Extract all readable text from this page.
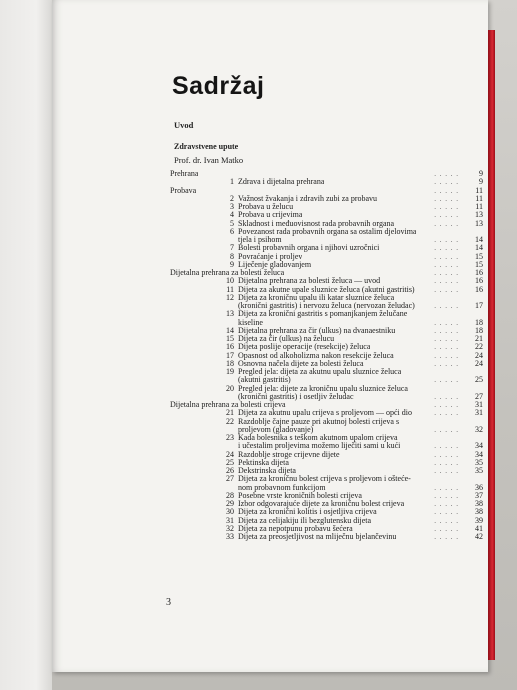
Sadržaj
Uvod
Zdravstvene upute
Prof. dr. Ivan Matko
Prehrana	. . . . .	9
1 Zdrava i dijetalna prehrana	. . . . .	9
Probava	. . . . .	11
2 Važnost žvakanja i zdravih zubi za probavu	. . . . .	11
3 Probava u želucu	. . . . .	11
4 Probava u crijevima	. . . . .	13
5 Skladnost i međuovisnost rada probavnih organa	. . . . .	13
6 Povezanost rada probavnih organa sa ostalim djelovima
tjela i psihom	. . . . .	14
7 Bolesti probavnih organa i njihovi uzročnici	. . . . .	14
8 Povraćanje i proljev	. . . . .	15
9 Liječenje gladovanjem	. . . . .	15
Dijetalna prehrana za bolesti želuca	. . . . .	16
10 Dijetalna prehrana za bolesti želuca — uvod	. . . . .	16
11 Dijeta za akutne upale sluznice želuca (akutni gastritis)	. . . . .	16
12 Dijeta za kroničnu upalu ili katar sluznice želuca
(kronični gastritis) i nervozu želuca (nervozan želudac)	. . . . .	17
13 Dijeta za kronični gastritis s pomanjkanjem želučane
kiseline	. . . . .	18
14 Dijetalna prehrana za čir (ulkus) na dvanaestniku	. . . . .	18
15 Dijeta za čir (ulkus) na želucu	. . . . .	21
16 Dijeta poslije operacije (resekcije) želuca	. . . . .	22
17 Opasnost od alkoholizma nakon resekcije želuca	. . . . .	24
18 Osnovna načela dijete za bolesti želuca	. . . . .	24
19 Pregled jela: dijeta za akutnu upalu sluznice želuca
(akutni gastritis)	. . . . .	25
20 Pregled jela: dijete za kroničnu upalu sluznice želuca
(kronični gastritis) i osetljiv želudac	. . . . .	27
Dijetalna prehrana za bolesti crijeva	. . . . .	31
21 Dijeta za akutnu upalu crijeva s proljevom — opći dio	. . . . .	31
22 Razdoblje čajne pauze pri akutnoj bolesti crijeva s
proljevom (gladovanje)	. . . . .	32
23 Kada bolesnika s teškom akutnom upalom crijeva
i učestalim proljevima možemo liječiti sami u kući	. . . . .	34
24 Razdoblje stroge crijevne dijete	. . . . .	34
25 Pektinska dijeta	. . . . .	35
26 Dekstrinska dijeta	. . . . .	35
27 Dijeta za kroničnu bolest crijeva s proljevom i ošteće-
nom probavnom funkcijom	. . . . .	36
28 Posebne vrste kroničnih bolesti crijeva	. . . . .	37
29 Izbor odgovarajuće dijete za kroničnu bolest crijeva	. . . . .	38
30 Dijeta za kronični kolitis i osjetljiva crijeva	. . . . .	38
31 Dijeta za celijakiju ili bezglutensku dijeta	. . . . .	39
32 Dijeta za nepotpunu probavu šećera	. . . . .	41
33 Dijeta za preosjetljivost na mliječnu bjelančevinu	. . . . .	42
3
